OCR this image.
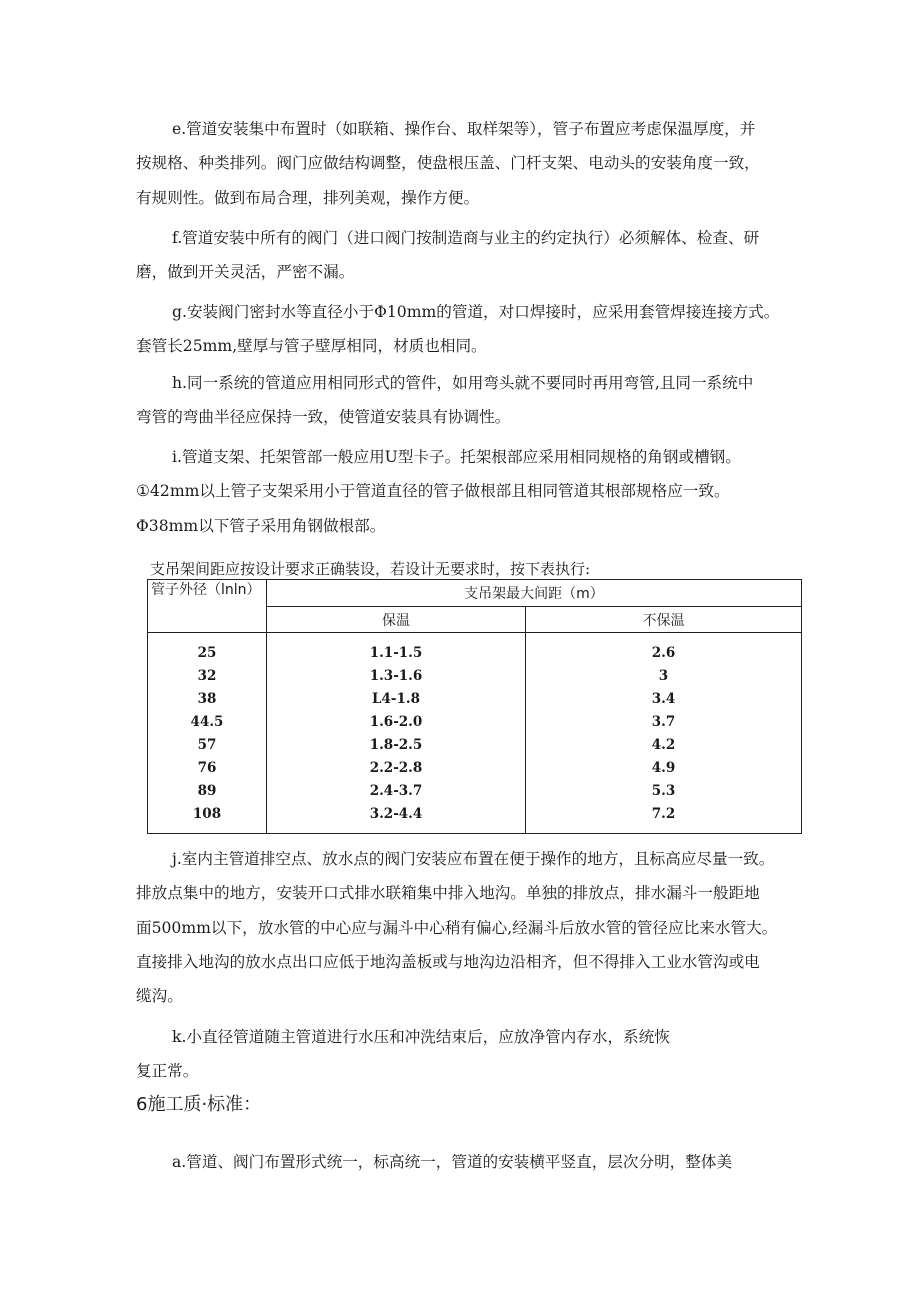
e.管道安装集中布置时（如联箱、操作台、取样架等），管子布置应考虑保温厚度，并
按规格、种类排列。阀门应做结构调整，使盘根压盖、门杆支架、电动头的安装角度一致，
有规则性。做到布局合理，排列美观，操作方便。

f.管道安装中所有的阀门（进口阀门按制造商与业主的约定执行）必须解体、检查、研
磨，做到开关灵活，严密不漏。

g.安装阀门密封水等直径小于Φ10mm的管道，对口焊接时，应采用套管焊接连接方式。
套管长25mm,壁厚与管子壁厚相同，材质也相同。

h.同一系统的管道应用相同形式的管件，如用弯头就不要同时再用弯管,且同一系统中
弯管的弯曲半径应保持一致，使管道安装具有协调性。

i.管道支架、托架管部一般应用U型卡子。托架根部应采用相同规格的角钢或槽钢。
①42mm以上管子支架采用小于管道直径的管子做根部且相同管道其根部规格应一致。
Φ38mm以下管子采用角钢做根部。

支吊架间距应按设计要求正确装设，若设计无要求时，按下表执行:
管子外径（lnln）	支吊架最大间距（m）	
	保温	不保温
25	1.1-1.5	2.6
32	1.3-1.6	3
38	L4-1.8	3.4
44.5	1.6-2.0	3.7
57	1.8-2.5	4.2
76	2.2-2.8	4.9
89	2.4-3.7	5.3
108	3.2-4.4	7.2

j.室内主管道排空点、放水点的阀门安装应布置在便于操作的地方，且标高应尽量一致。
排放点集中的地方，安装开口式排水联箱集中排入地沟。单独的排放点，排水漏斗一般距地
面500mm以下，放水管的中心应与漏斗中心稍有偏心,经漏斗后放水管的管径应比来水管大。
直接排入地沟的放水点出口应低于地沟盖板或与地沟边沿相齐，但不得排入工业水管沟或电
缆沟。

k.小直径管道随主管道进行水压和冲洗结束后，应放净管内存水，系统恢
复正常。

6施工质·标准：

a.管道、阀门布置形式统一，标高统一，管道的安装横平竖直，层次分明，整体美
